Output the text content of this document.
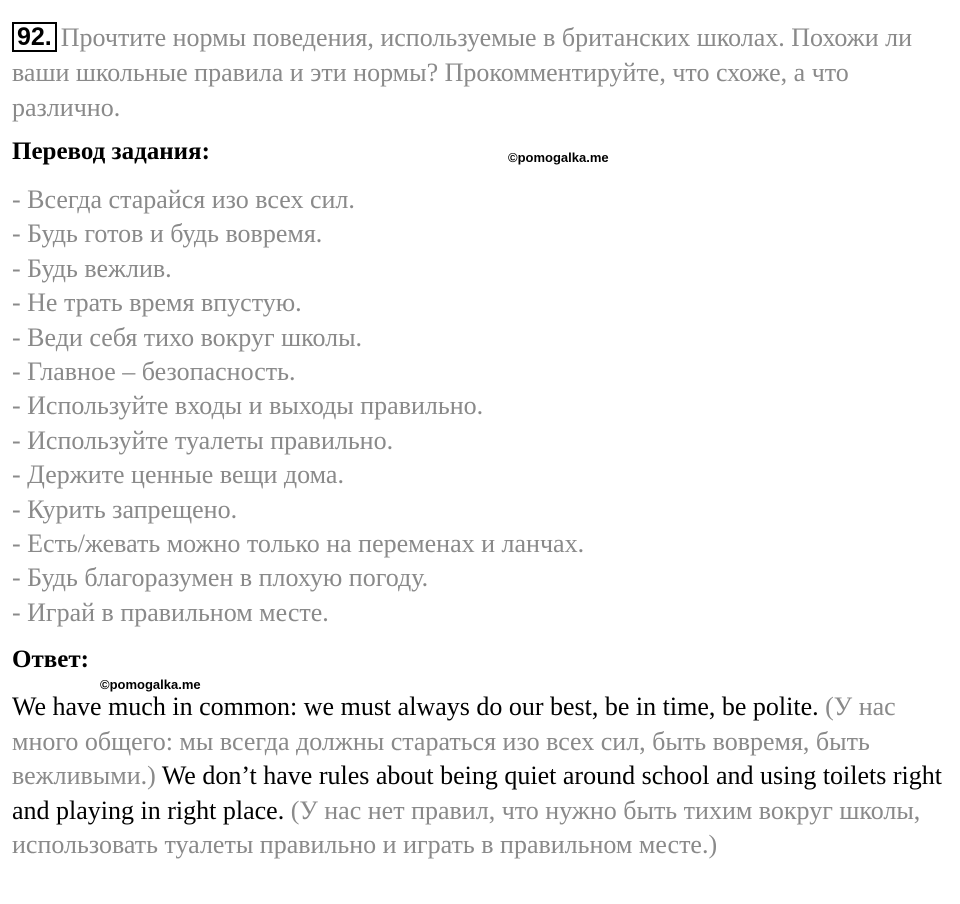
92. Прочтите нормы поведения, используемые в британских школах. Похожи ли ваши школьные правила и эти нормы? Прокомментируйте, что схоже, а что различно.
Перевод задания:	©pomogalka.me
- Всегда старайся изо всех сил.
- Будь готов и будь вовремя.
- Будь вежлив.
- Не трать время впустую.
- Веди себя тихо вокруг школы.
- Главное – безопасность.
- Используйте входы и выходы правильно.
- Используйте туалеты правильно.
- Держите ценные вещи дома.
- Курить запрещено.
- Есть/жевать можно только на переменах и ланчах.
- Будь благоразумен в плохую погоду.
- Играй в правильном месте.
Ответ:
©pomogalka.me
We have much in common: we must always do our best, be in time, be polite. (У нас много общего: мы всегда должны стараться изо всех сил, быть вовремя, быть вежливыми.) We don’t have rules about being quiet around school and using toilets right and playing in right place. (У нас нет правил, что нужно быть тихим вокруг школы, использовать туалеты правильно и играть в правильном месте.)
